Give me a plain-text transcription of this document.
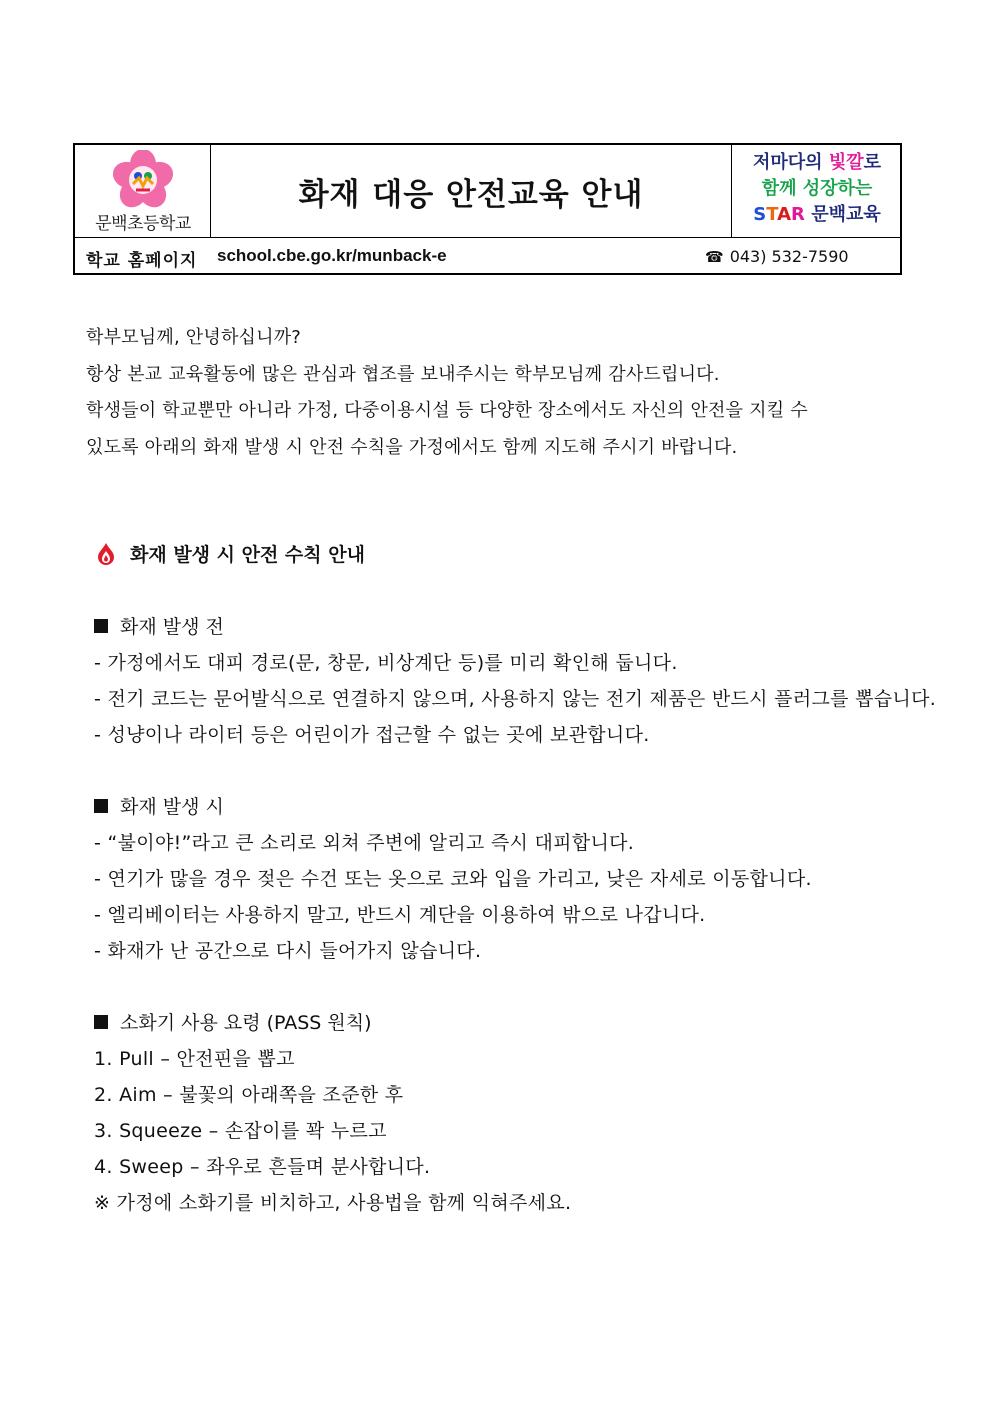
문백초등학교
화재 대응 안전교육 안내
저마다의 빛깔로
함께 성장하는
STAR 문백교육
학교 홈페이지 school.cbe.go.kr/munback-e	☎ 043) 532-7590
학부모님께, 안녕하십니까?
항상 본교 교육활동에 많은 관심과 협조를 보내주시는 학부모님께 감사드립니다.
학생들이 학교뿐만 아니라 가정, 다중이용시설 등 다양한 장소에서도 자신의 안전을 지킬 수
있도록 아래의 화재 발생 시 안전 수칙을 가정에서도 함께 지도해 주시기 바랍니다.
화재 발생 시 안전 수칙 안내
화재 발생 전
- 가정에서도 대피 경로(문, 창문, 비상계단 등)를 미리 확인해 둡니다.
- 전기 코드는 문어발식으로 연결하지 않으며, 사용하지 않는 전기 제품은 반드시 플러그를 뽑습니다.
- 성냥이나 라이터 등은 어린이가 접근할 수 없는 곳에 보관합니다.
화재 발생 시
- “불이야!”라고 큰 소리로 외쳐 주변에 알리고 즉시 대피합니다.
- 연기가 많을 경우 젖은 수건 또는 옷으로 코와 입을 가리고, 낮은 자세로 이동합니다.
- 엘리베이터는 사용하지 말고, 반드시 계단을 이용하여 밖으로 나갑니다.
- 화재가 난 공간으로 다시 들어가지 않습니다.
소화기 사용 요령 (PASS 원칙)
1. Pull – 안전핀을 뽑고
2. Aim – 불꽃의 아래쪽을 조준한 후
3. Squeeze – 손잡이를 꽉 누르고
4. Sweep – 좌우로 흔들며 분사합니다.
※ 가정에 소화기를 비치하고, 사용법을 함께 익혀주세요.
